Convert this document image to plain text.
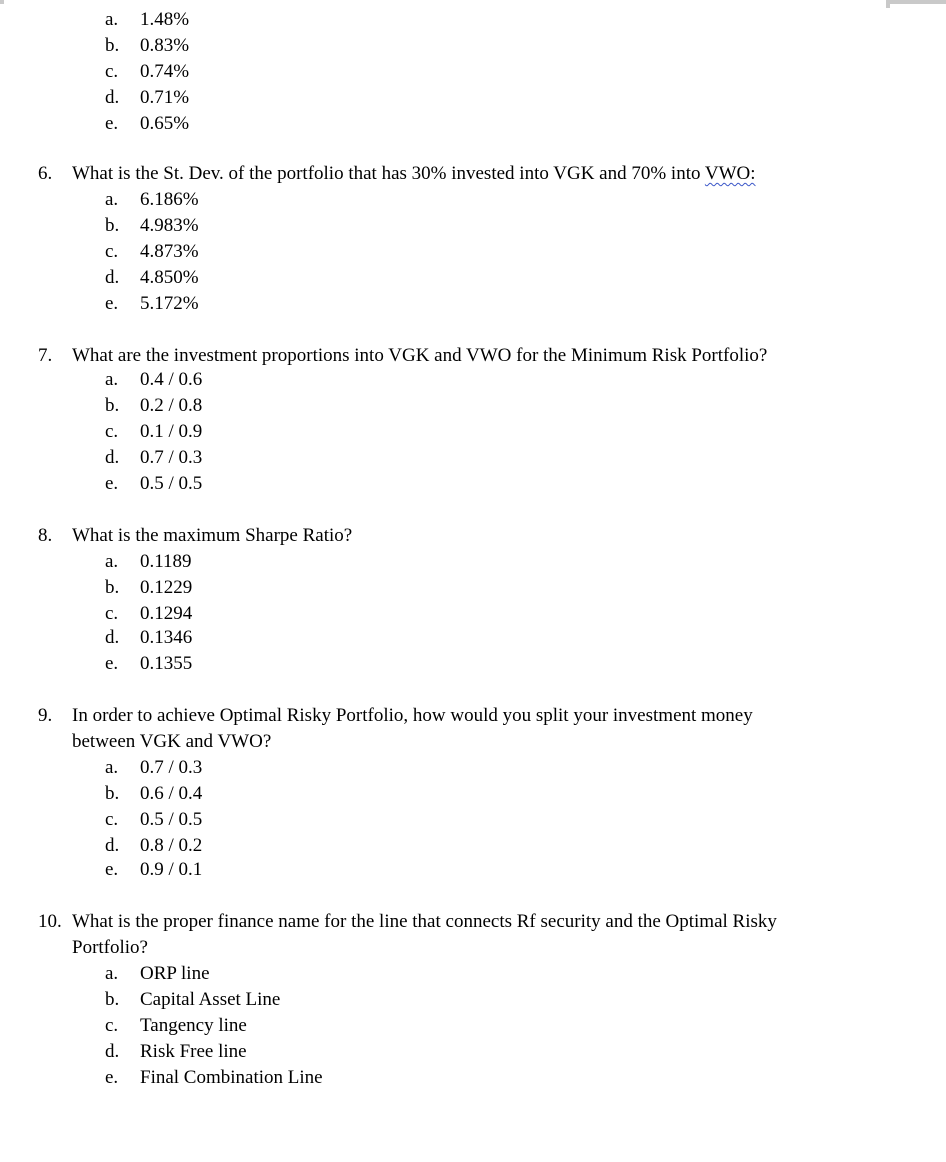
a. 1.48%
b. 0.83%
c. 0.74%
d. 0.71%
e. 0.65%
6. What is the St. Dev. of the portfolio that has 30% invested into VGK and 70% into VWO:
a. 6.186%
b. 4.983%
c. 4.873%
d. 4.850%
e. 5.172%
7. What are the investment proportions into VGK and VWO for the Minimum Risk Portfolio?
a. 0.4 / 0.6
b. 0.2 / 0.8
c. 0.1 / 0.9
d. 0.7 / 0.3
e. 0.5 / 0.5
8. What is the maximum Sharpe Ratio?
a. 0.1189
b. 0.1229
c. 0.1294
d. 0.1346
e. 0.1355
9. In order to achieve Optimal Risky Portfolio, how would you split your investment money
between VGK and VWO?
a. 0.7 / 0.3
b. 0.6 / 0.4
c. 0.5 / 0.5
d. 0.8 / 0.2
e. 0.9 / 0.1
10. What is the proper finance name for the line that connects Rf security and the Optimal Risky
Portfolio?
a. ORP line
b. Capital Asset Line
c. Tangency line
d. Risk Free line
e. Final Combination Line
